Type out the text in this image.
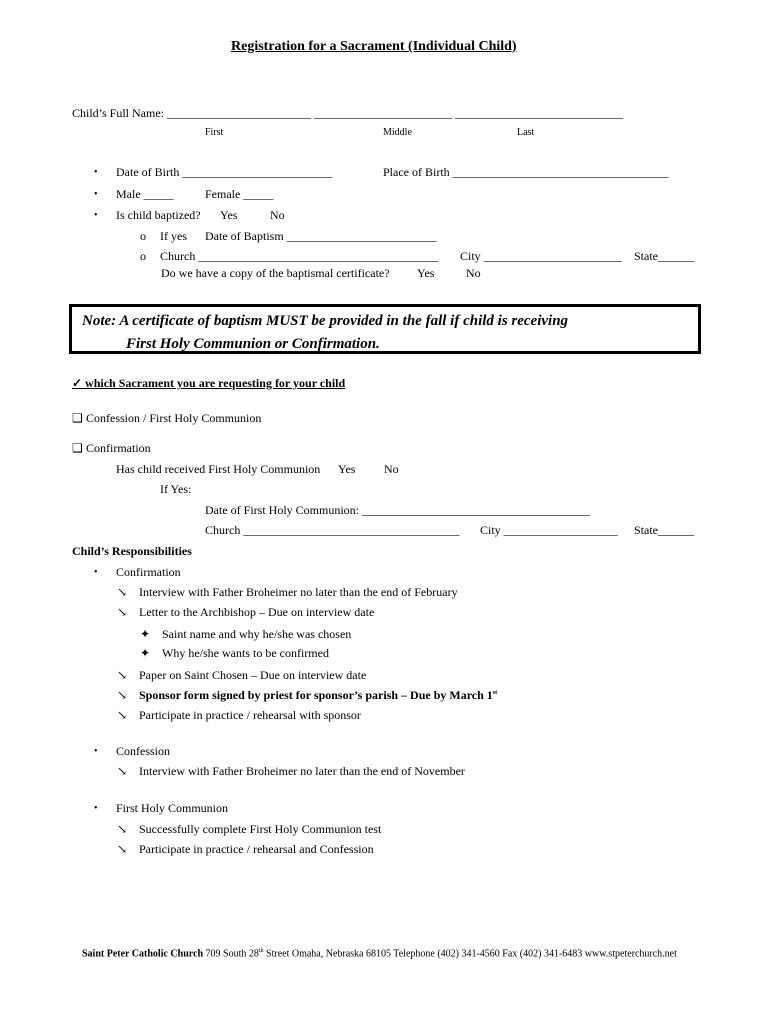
Registration for a Sacrament (Individual Child)
Child’s Full Name: ________________________ _______________________ ____________________________
First	Middle	Last
• Date of Birth _________________________	Place of Birth ____________________________________
• Male _____	Female _____
• Is child baptized? Yes	No
o If yes Date of Baptism _________________________
o Church ________________________________________ City _______________________ State______
Do we have a copy of the baptismal certificate? Yes	No
Note: A certificate of baptism MUST be provided in the fall if child is receiving
First Holy Communion or Confirmation.
✓ which Sacrament you are requesting for your child
❑ Confession / First Holy Communion
❑ Confirmation
Has child received First Holy Communion Yes No
If Yes:
Date of First Holy Communion: ______________________________________
Church ____________________________________ City ___________________ State______
Child’s Responsibilities
• Confirmation
↘ Interview with Father Broheimer no later than the end of February
↘ Letter to the Archbishop – Due on interview date
✦ Saint name and why he/she was chosen
✦ Why he/she wants to be confirmed
↘ Paper on Saint Chosen – Due on interview date
↘ Sponsor form signed by priest for sponsor’s parish – Due by March 1st
↘ Participate in practice / rehearsal with sponsor
• Confession
↘ Interview with Father Broheimer no later than the end of November
• First Holy Communion
↘ Successfully complete First Holy Communion test
↘ Participate in practice / rehearsal and Confession
Saint Peter Catholic Church 709 South 28th Street Omaha, Nebraska 68105 Telephone (402) 341-4560 Fax (402) 341-6483 www.stpeterchurch.net
